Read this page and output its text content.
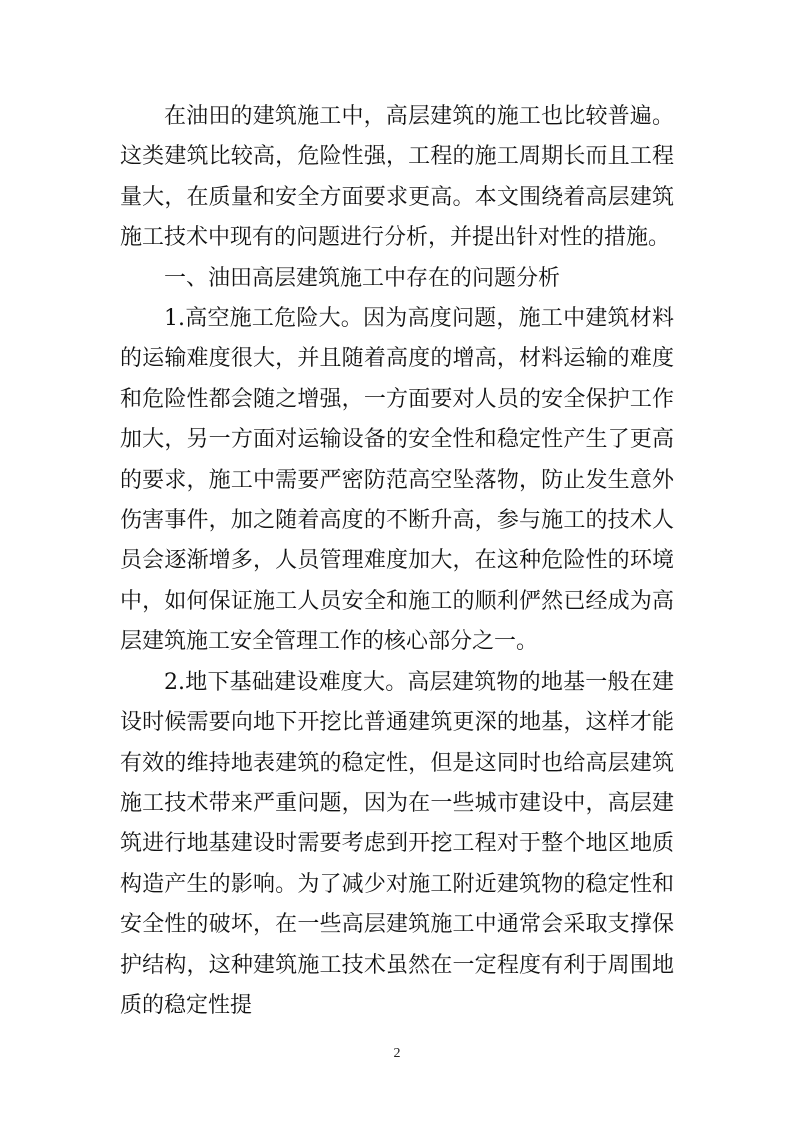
在油田的建筑施工中，高层建筑的施工也比较普遍。这类建筑比较高，危险性强，工程的施工周期长而且工程量大，在质量和安全方面要求更高。本文围绕着高层建筑施工技术中现有的问题进行分析，并提出针对性的措施。

一、油田高层建筑施工中存在的问题分析

1.高空施工危险大。因为高度问题，施工中建筑材料的运输难度很大，并且随着高度的增高，材料运输的难度和危险性都会随之增强，一方面要对人员的安全保护工作加大，另一方面对运输设备的安全性和稳定性产生了更高的要求，施工中需要严密防范高空坠落物，防止发生意外伤害事件，加之随着高度的不断升高，参与施工的技术人员会逐渐增多，人员管理难度加大，在这种危险性的环境中，如何保证施工人员安全和施工的顺利俨然已经成为高层建筑施工安全管理工作的核心部分之一。

2.地下基础建设难度大。高层建筑物的地基一般在建设时候需要向地下开挖比普通建筑更深的地基，这样才能有效的维持地表建筑的稳定性，但是这同时也给高层建筑施工技术带来严重问题，因为在一些城市建设中，高层建筑进行地基建设时需要考虑到开挖工程对于整个地区地质构造产生的影响。为了减少对施工附近建筑物的稳定性和安全性的破坏，在一些高层建筑施工中通常会采取支撑保护结构，这种建筑施工技术虽然在一定程度有利于周围地质的稳定性提

2
